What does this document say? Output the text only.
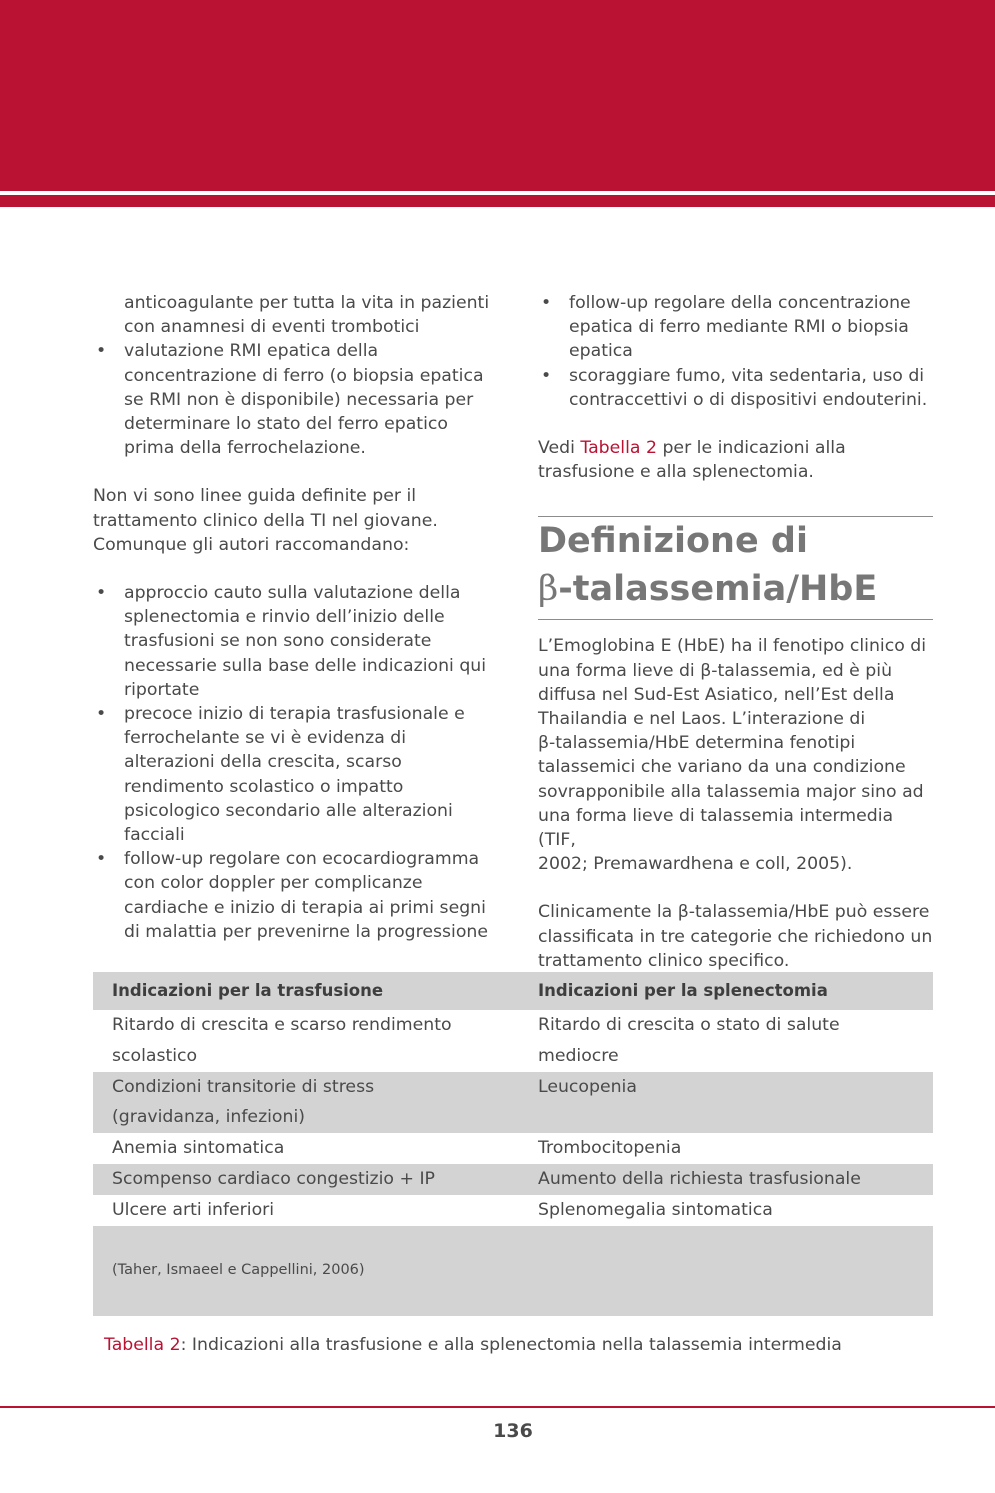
anticoagulante per tutta la vita in pazienti
con anamnesi di eventi trombotici
• valutazione RMI epatica della
concentrazione di ferro (o biopsia epatica
se RMI non è disponibile) necessaria per
determinare lo stato del ferro epatico
prima della ferrochelazione.

Non vi sono linee guida definite per il
trattamento clinico della TI nel giovane.
Comunque gli autori raccomandano:

• approccio cauto sulla valutazione della
splenectomia e rinvio dell’inizio delle
trasfusioni se non sono considerate
necessarie sulla base delle indicazioni qui
riportate
• precoce inizio di terapia trasfusionale e
ferrochelante se vi è evidenza di
alterazioni della crescita, scarso
rendimento scolastico o impatto
psicologico secondario alle alterazioni
facciali
• follow-up regolare con ecocardiogramma
con color doppler per complicanze
cardiache e inizio di terapia ai primi segni
di malattia per prevenirne la progressione
• follow-up regolare della concentrazione
epatica di ferro mediante RMI o biopsia
epatica
• scoraggiare fumo, vita sedentaria, uso di
contraccettivi o di dispositivi endouterini.

Vedi Tabella 2 per le indicazioni alla
trasfusione e alla splenectomia.

Definizione di
β-talassemia/HbE

L’Emoglobina E (HbE) ha il fenotipo clinico di
una forma lieve di β-talassemia, ed è più
diffusa nel Sud-Est Asiatico, nell’Est della
Thailandia e nel Laos. L’interazione di
β-talassemia/HbE determina fenotipi
talassemici che variano da una condizione
sovrapponibile alla talassemia major sino ad
una forma lieve di talassemia intermedia (TIF,
2002; Premawardhena e coll, 2005).

Clinicamente la β-talassemia/HbE può essere
classificata in tre categorie che richiedono un
trattamento clinico specifico.

Indicazioni per la trasfusione	Indicazioni per la splenectomia
Ritardo di crescita e scarso rendimento	Ritardo di crescita o stato di salute
scolastico	mediocre
Condizioni transitorie di stress	Leucopenia
(gravidanza, infezioni)	
Anemia sintomatica	Trombocitopenia
Scompenso cardiaco congestizio + IP	Aumento della richiesta trasfusionale
Ulcere arti inferiori	Splenomegalia sintomatica
(Taher, Ismaeel e Cappellini, 2006)	
Tabella 2: Indicazioni alla trasfusione e alla splenectomia nella talassemia intermedia
136
